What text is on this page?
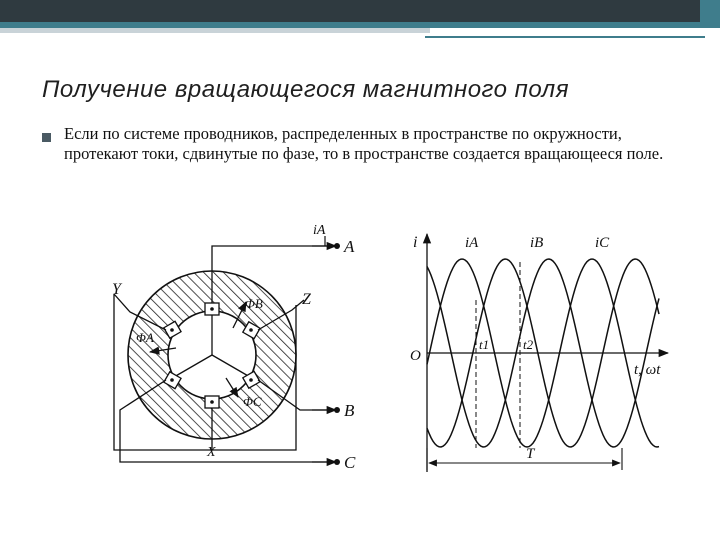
Получение вращающегося магнитного поля
Если по системе проводников, распределенных в пространстве по окружности, протекают токи, сдвинутые по фазе, то в пространстве создается вращающееся поле.
iA
A
B
C
Y
Z
X
ΦA
ΦB
ΦC
i
t, ωt
O
iA	iB	iC
t1	t2
T
